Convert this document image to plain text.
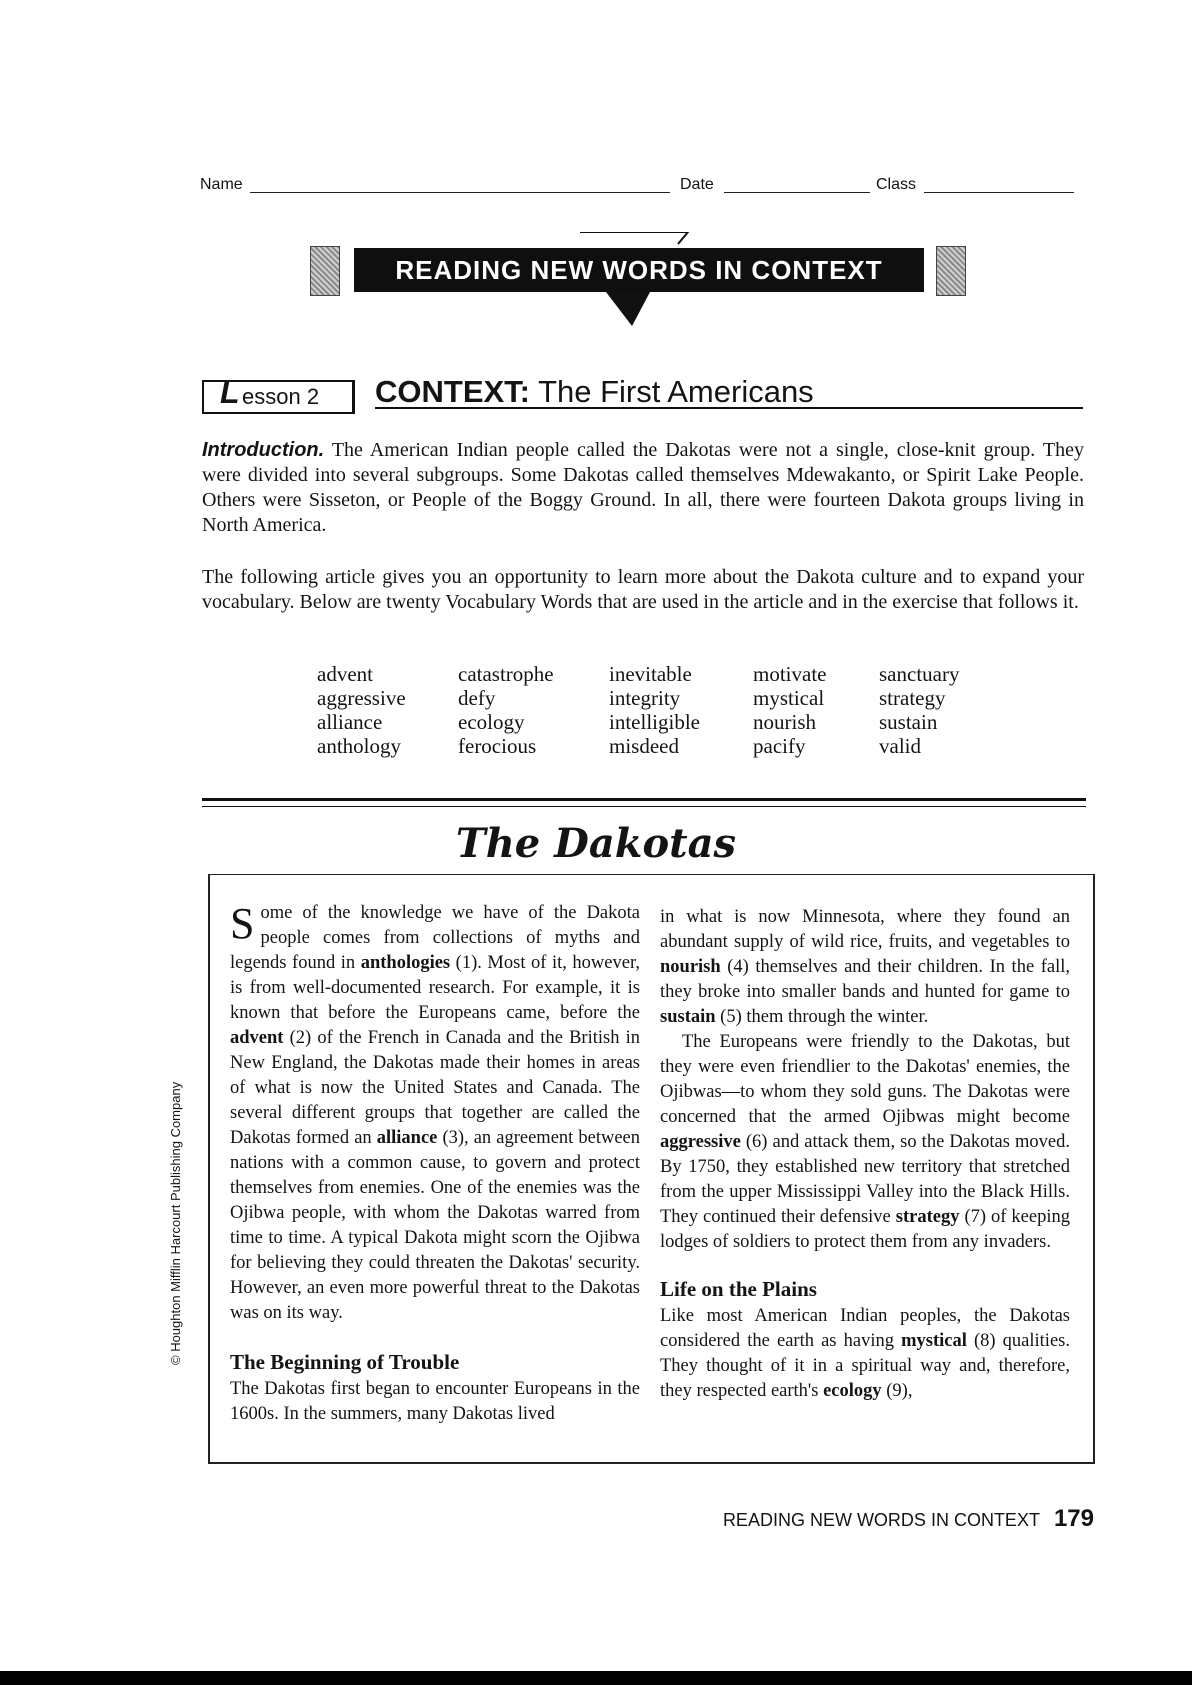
Name	Date	Class
READING NEW WORDS IN CONTEXT
L esson 2 CONTEXT: The First Americans
Introduction. The American Indian people called the Dakotas were not a single, close-knit group. They were divided into several subgroups. Some Dakotas called themselves Mdewakanto, or Spirit Lake People. Others were Sisseton, or People of the Boggy Ground. In all, there were fourteen Dakota groups living in North America.
The following article gives you an opportunity to learn more about the Dakota culture and to expand your vocabulary. Below are twenty Vocabulary Words that are used in the article and in the exercise that follows it.
advent
aggressive
alliance
anthology
catastrophe
defy
ecology
ferocious
inevitable
integrity
intelligible
misdeed
motivate
mystical
nourish
pacify
sanctuary
strategy
sustain
valid
The Dakotas

Some of the knowledge we have of the Dakota people comes from collections of myths and legends found in anthologies (1). Most of it, however, is from well-documented research. For example, it is known that before the Europeans came, before the advent (2) of the French in Canada and the British in New England, the Dakotas made their homes in areas of what is now the United States and Canada. The several different groups that together are called the Dakotas formed an alliance (3), an agreement between nations with a common cause, to govern and protect themselves from enemies. One of the enemies was the Ojibwa people, with whom the Dakotas warred from time to time. A typical Dakota might scorn the Ojibwa for believing they could threaten the Dakotas' security. However, an even more powerful threat to the Dakotas was on its way.

The Beginning of Trouble

The Dakotas first began to encounter Europeans in the 1600s. In the summers, many Dakotas lived

in what is now Minnesota, where they found an abundant supply of wild rice, fruits, and vegetables to nourish (4) themselves and their children. In the fall, they broke into smaller bands and hunted for game to sustain (5) them through the winter.

The Europeans were friendly to the Dakotas, but they were even friendlier to the Dakotas' enemies, the Ojibwas—to whom they sold guns. The Dakotas were concerned that the armed Ojibwas might become aggressive (6) and attack them, so the Dakotas moved. By 1750, they established new territory that stretched from the upper Mississippi Valley into the Black Hills. They continued their defensive strategy (7) of keeping lodges of soldiers to protect them from any invaders.

Life on the Plains

Like most American Indian peoples, the Dakotas considered the earth as having mystical (8) qualities. They thought of it in a spiritual way and, therefore, they respected earth's ecology (9),

© Houghton Mifflin Harcourt Publishing Company
READING NEW WORDS IN CONTEXT 179
